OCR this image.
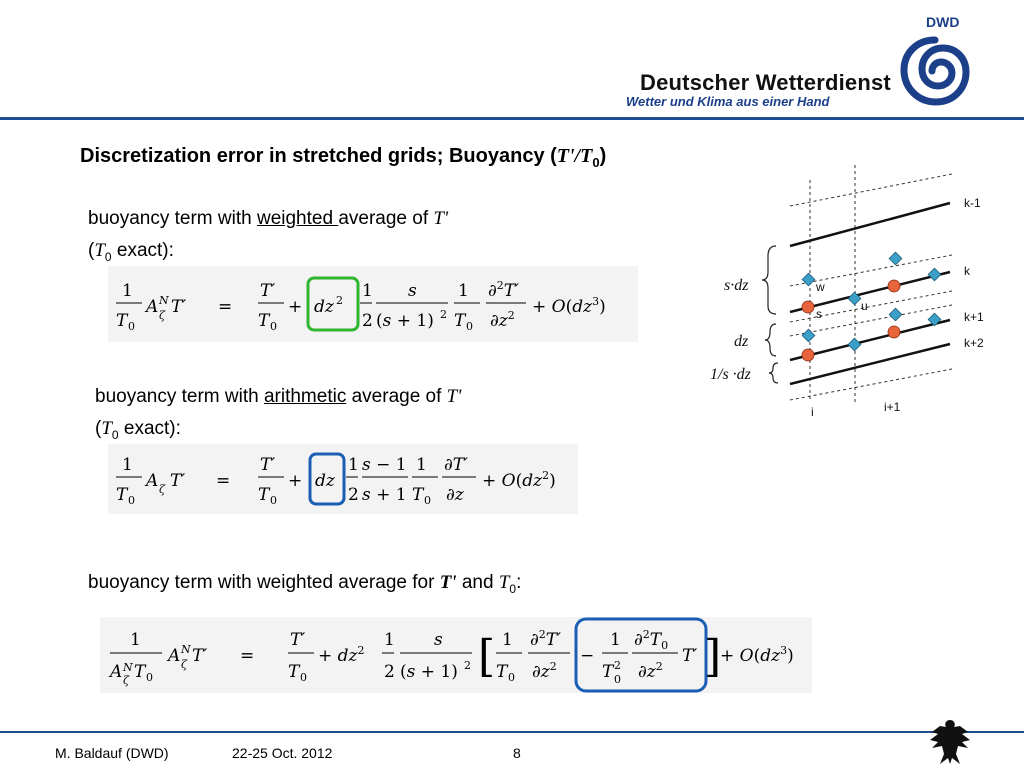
DWD
Deutscher Wetterdienst
Wetter und Klima aus einer Hand
Discretization error in stretched grids; Buoyancy $(T'/T_0)$
buoyancy term with weighted average of T'
($T_0$ exact):
1
T 0
A N
ζ T′ =
T′
T 0
+ dz 2 1
2
s
(s + 1) 2
1
T 0
∂$^2$T′
$\partial z^2 + O(dz^3)$
buoyancy term with arithmetic average of T'
($T_0$ exact):
1
T 0
A ζ T′ =
T′
T 0
+ dz
1
2
s − 1
s + 1
1
T 0
∂T′
∂z
+ $O(dz^2)$
buoyancy term with weighted average for T' and $T_0$:
1
A N
ζ T 0
A N
ζ T′ =
T′
T 0
+ $dz^2$
1
2
s
(s + 1) 2 [ 1
T 0
∂$^2$T′
$\partial z^2$
−
1
T 2
0
$\partial^2T_0$
$\partial z^2$
T′ ]
+ $O(dz^3)$
k-1
k
k+1
k+2
i	i+1
w
s
u
s·dz
dz
1/s ·dz
M. Baldauf (DWD)	22-25 Oct. 2012	8
